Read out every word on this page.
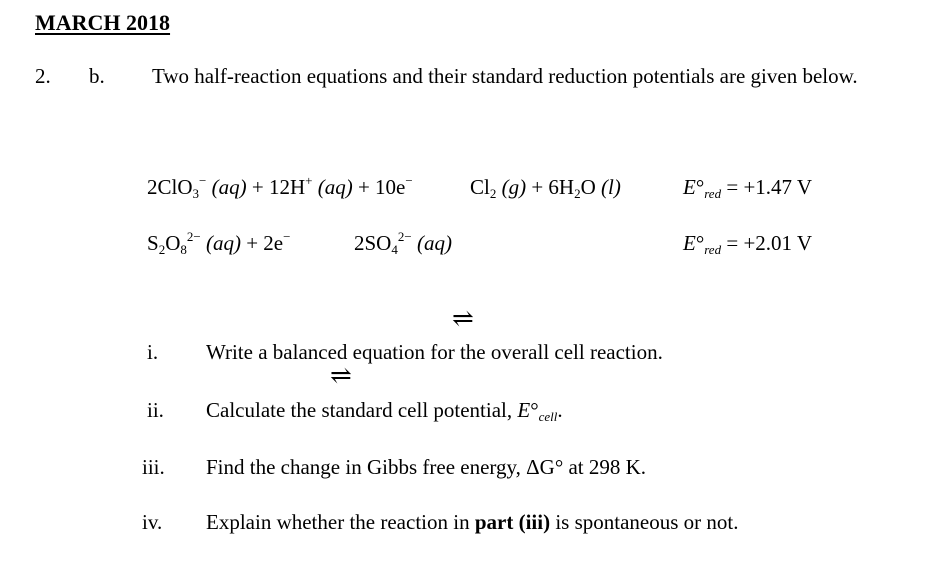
MARCH 2018
2. b. Two half-reaction equations and their standard reduction potentials are given below.
2ClO$_3$− (aq) + 12H+ (aq) + 10e−	$Cl_2$ $(g) + 6H_2O$ (l)	E°red = +1.47 V
$S_2O_8^{2-}$ (aq) + 2e−	$2SO_4^{2-}$ (aq)	E°red = +2.01 V
⇌
⇌
i. Write a balanced equation for the overall cell reaction.
ii. Calculate the standard cell potential, E°cell.
iii. Find the change in Gibbs free energy, ΔG° at 298 K.
iv. Explain whether the reaction in part (iii) is spontaneous or not.
